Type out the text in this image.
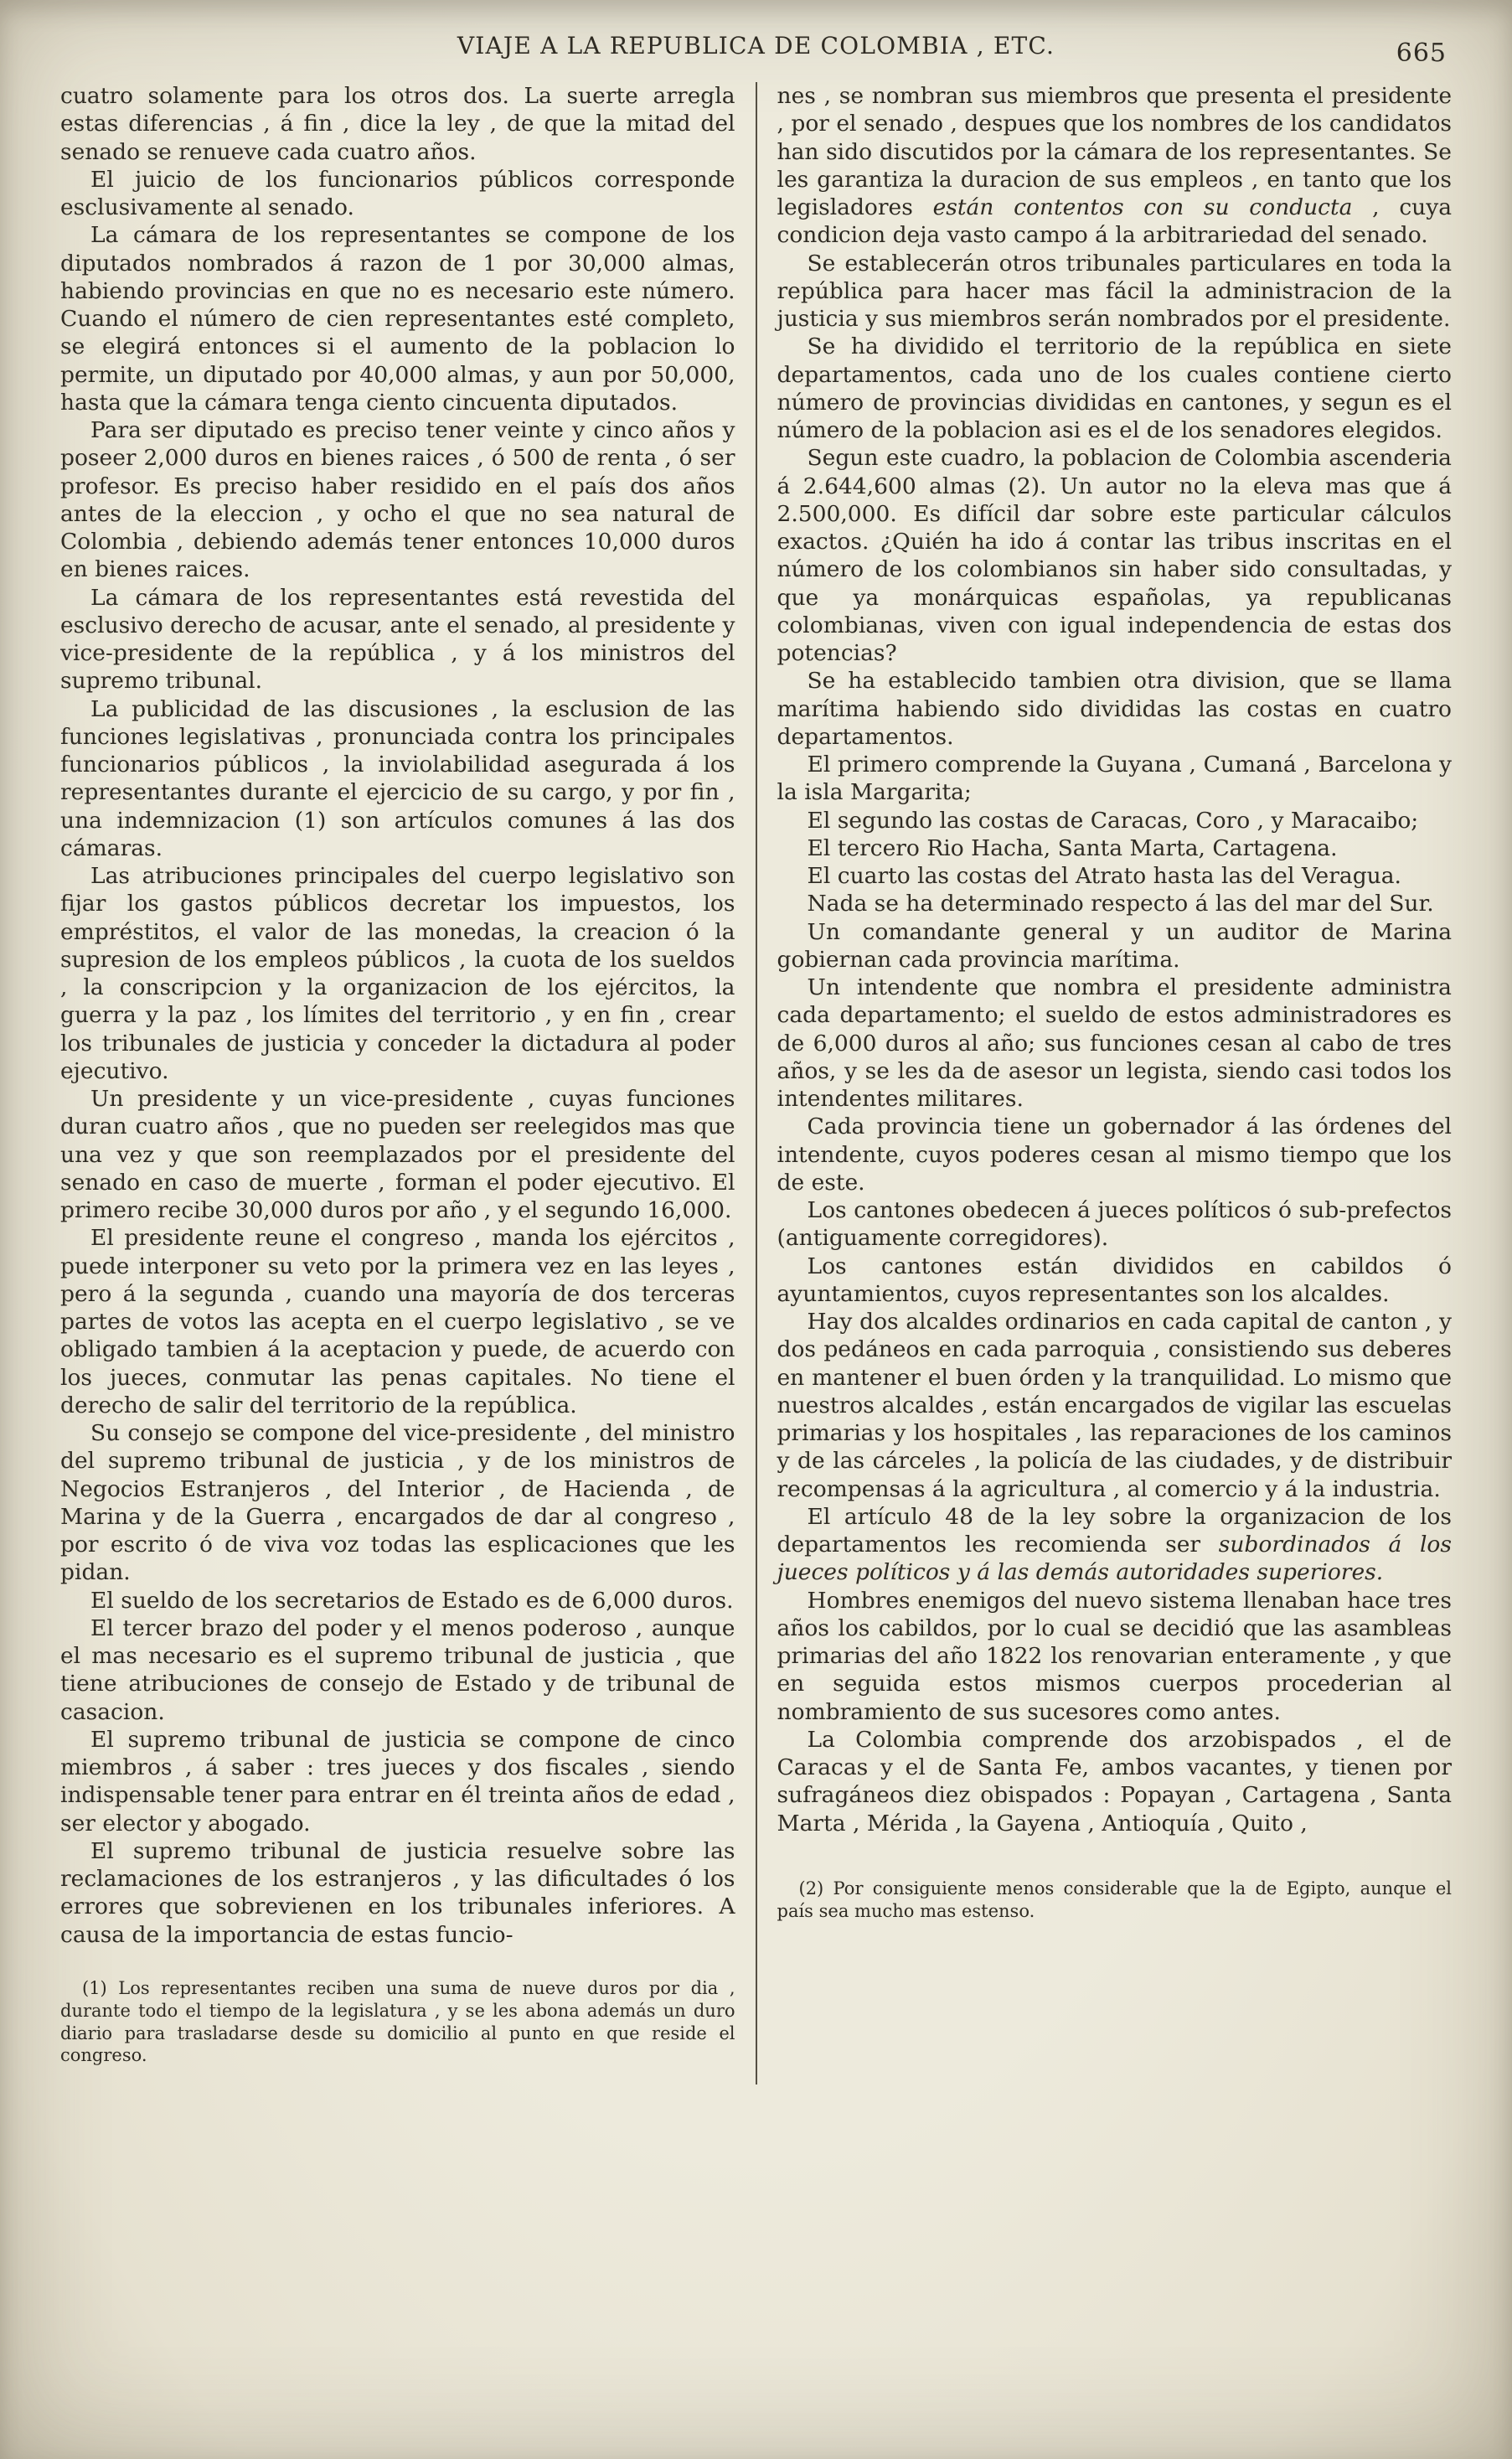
VIAJE A LA REPUBLICA DE COLOMBIA , ETC.	665

cuatro solamente para los otros dos. La suerte arregla estas diferencias , á fin , dice la ley , de que la mitad del senado se renueve cada cuatro años.

El juicio de los funcionarios públicos corresponde esclusivamente al senado.

La cámara de los representantes se compone de los diputados nombrados á razon de 1 por 30,000 almas, habiendo provincias en que no es necesario este número. Cuando el número de cien representantes esté completo, se elegirá entonces si el aumento de la poblacion lo permite, un diputado por 40,000 almas, y aun por 50,000, hasta que la cámara tenga ciento cincuenta diputados.

Para ser diputado es preciso tener veinte y cinco años y poseer 2,000 duros en bienes raices , ó 500 de renta , ó ser profesor. Es preciso haber residido en el país dos años antes de la eleccion , y ocho el que no sea natural de Colombia , debiendo además tener entonces 10,000 duros en bienes raices.

La cámara de los representantes está revestida del esclusivo derecho de acusar, ante el senado, al presidente y vice-presidente de la república , y á los ministros del supremo tribunal.

La publicidad de las discusiones , la esclusion de las funciones legislativas , pronunciada contra los principales funcionarios públicos , la inviolabilidad asegurada á los representantes durante el ejercicio de su cargo, y por fin , una indemnizacion (1) son artículos comunes á las dos cámaras.

Las atribuciones principales del cuerpo legislativo son fijar los gastos públicos decretar los impuestos, los empréstitos, el valor de las monedas, la creacion ó la supresion de los empleos públicos , la cuota de los sueldos , la conscripcion y la organizacion de los ejércitos, la guerra y la paz , los límites del territorio , y en fin , crear los tribunales de justicia y conceder la dictadura al poder ejecutivo.

Un presidente y un vice-presidente , cuyas funciones duran cuatro años , que no pueden ser reelegidos mas que una vez y que son reemplazados por el presidente del senado en caso de muerte , forman el poder ejecutivo. El primero recibe 30,000 duros por año , y el segundo 16,000.

El presidente reune el congreso , manda los ejércitos , puede interponer su veto por la primera vez en las leyes , pero á la segunda , cuando una mayoría de dos terceras partes de votos las acepta en el cuerpo legislativo , se ve obligado tambien á la aceptacion y puede, de acuerdo con los jueces, conmutar las penas capitales. No tiene el derecho de salir del territorio de la república.

Su consejo se compone del vice-presidente , del ministro del supremo tribunal de justicia , y de los ministros de Negocios Estranjeros , del Interior , de Hacienda , de Marina y de la Guerra , encargados de dar al congreso , por escrito ó de viva voz todas las esplicaciones que les pidan.

El sueldo de los secretarios de Estado es de 6,000 duros.

El tercer brazo del poder y el menos poderoso , aunque el mas necesario es el supremo tribunal de justicia , que tiene atribuciones de consejo de Estado y de tribunal de casacion.

El supremo tribunal de justicia se compone de cinco miembros , á saber : tres jueces y dos fiscales , siendo indispensable tener para entrar en él treinta años de edad , ser elector y abogado.

El supremo tribunal de justicia resuelve sobre las reclamaciones de los estranjeros , y las dificultades ó los errores que sobrevienen en los tribunales inferiores. A causa de la importancia de estas funcio-

(1) Los representantes reciben una suma de nueve duros por dia , durante todo el tiempo de la legislatura , y se les abona además un duro diario para trasladarse desde su domicilio al punto en que reside el congreso.

nes , se nombran sus miembros que presenta el presidente , por el senado , despues que los nombres de los candidatos han sido discutidos por la cámara de los representantes. Se les garantiza la duracion de sus empleos , en tanto que los legisladores están contentos con su conducta , cuya condicion deja vasto campo á la arbitrariedad del senado.

Se establecerán otros tribunales particulares en toda la república para hacer mas fácil la administracion de la justicia y sus miembros serán nombrados por el presidente.

Se ha dividido el territorio de la república en siete departamentos, cada uno de los cuales contiene cierto número de provincias divididas en cantones, y segun es el número de la poblacion asi es el de los senadores elegidos.

Segun este cuadro, la poblacion de Colombia ascenderia á 2.644,600 almas (2). Un autor no la eleva mas que á 2.500,000. Es difícil dar sobre este particular cálculos exactos. ¿Quién ha ido á contar las tribus inscritas en el número de los colombianos sin haber sido consultadas, y que ya monárquicas españolas, ya republicanas colombianas, viven con igual independencia de estas dos potencias?

Se ha establecido tambien otra division, que se llama marítima habiendo sido divididas las costas en cuatro departamentos.

El primero comprende la Guyana , Cumaná , Barcelona y la isla Margarita;

El segundo las costas de Caracas, Coro , y Maracaibo;

El tercero Rio Hacha, Santa Marta, Cartagena.

El cuarto las costas del Atrato hasta las del Veragua.

Nada se ha determinado respecto á las del mar del Sur.

Un comandante general y un auditor de Marina gobiernan cada provincia marítima.

Un intendente que nombra el presidente administra cada departamento; el sueldo de estos administradores es de 6,000 duros al año; sus funciones cesan al cabo de tres años, y se les da de asesor un legista, siendo casi todos los intendentes militares.

Cada provincia tiene un gobernador á las órdenes del intendente, cuyos poderes cesan al mismo tiempo que los de este.

Los cantones obedecen á jueces políticos ó sub-prefectos (antiguamente corregidores).

Los cantones están divididos en cabildos ó ayuntamientos, cuyos representantes son los alcaldes.

Hay dos alcaldes ordinarios en cada capital de canton , y dos pedáneos en cada parroquia , consistiendo sus deberes en mantener el buen órden y la tranquilidad. Lo mismo que nuestros alcaldes , están encargados de vigilar las escuelas primarias y los hospitales , las reparaciones de los caminos y de las cárceles , la policía de las ciudades, y de distribuir recompensas á la agricultura , al comercio y á la industria.

El artículo 48 de la ley sobre la organizacion de los departamentos les recomienda ser subordinados á los jueces políticos y á las demás autoridades superiores.

Hombres enemigos del nuevo sistema llenaban hace tres años los cabildos, por lo cual se decidió que las asambleas primarias del año 1822 los renovarian enteramente , y que en seguida estos mismos cuerpos procederian al nombramiento de sus sucesores como antes.

La Colombia comprende dos arzobispados , el de Caracas y el de Santa Fe, ambos vacantes, y tienen por sufragáneos diez obispados : Popayan , Cartagena , Santa Marta , Mérida , la Gayena , Antioquía , Quito ,

(2) Por consiguiente menos considerable que la de Egipto, aunque el país sea mucho mas estenso.
